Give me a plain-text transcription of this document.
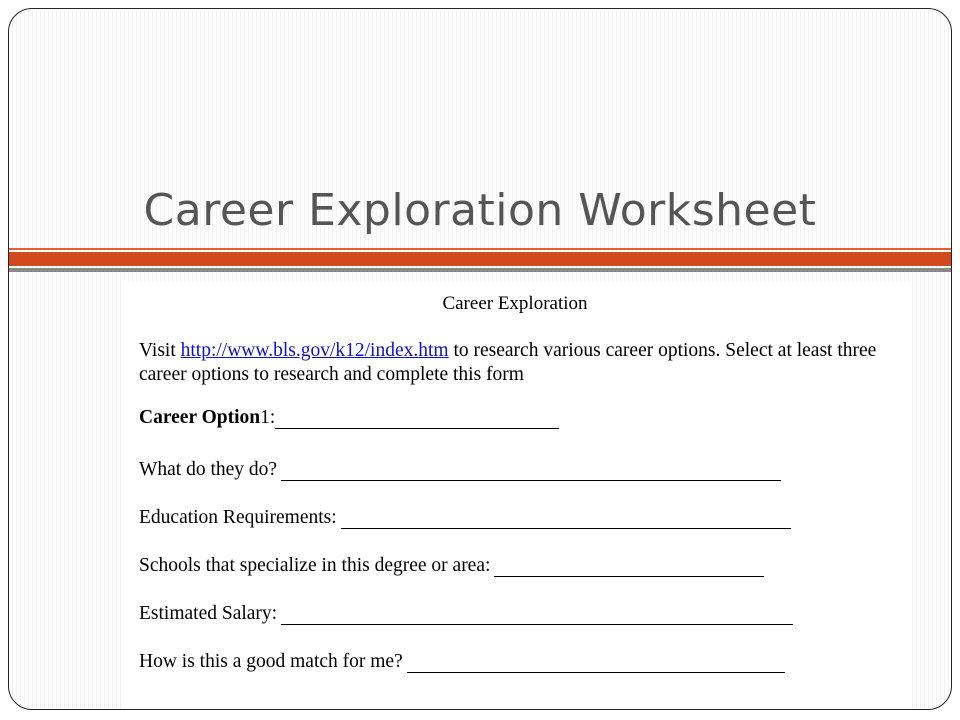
Career Exploration Worksheet
Career Exploration
Visit http://www.bls.gov/k12/index.htm to research various career options. Select at least three career options to research and complete this form
Career Option 1:
What do they do?
Education Requirements:
Schools that specialize in this degree or area:
Estimated Salary:
How is this a good match for me?
